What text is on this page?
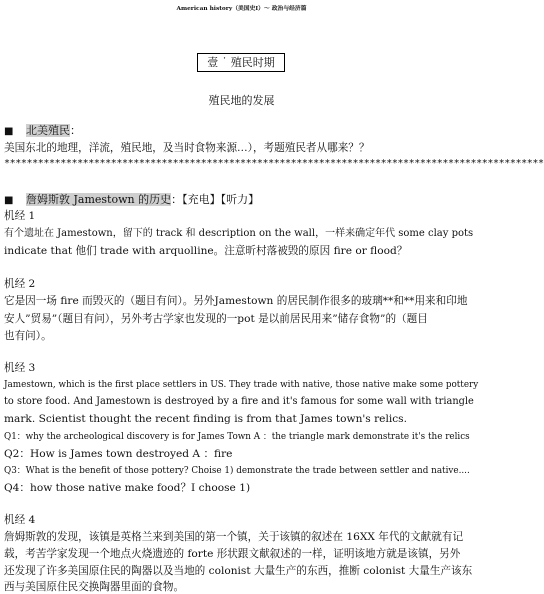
American history（美国史Ⅰ）～ 政治与经济篇
壹 ˙ 殖民时期
殖民地的发展
■ 北美殖民：
美国东北的地理，洋流，殖民地，及当时食物来源…），考题殖民者从哪来？？
************************************************************************************************
■ 詹姆斯敦 Jamestown 的历史：【充电】【听力】
机经 1
有个遗址在 Jamestown，留下的 track 和 description on the wall，一样来确定年代 some clay pots
indicate that 他们 trade with arquolline。注意昕村落被毁的原因 fire or flood？
机经 2
它是因一场 fire 而毁灭的（题目有问）。另外Jamestown 的居民制作很多的玻璃**和**用来和印地
安人”贸易”（题目有问），另外考古学家也发现的一pot 是以前居民用来”储存食物”的（题目
也有问）。
机经 3
Jamestown, which is the first place settlers in US. They trade with native, those native make some pottery
to store food. And Jamestown is destroyed by a fire and it's famous for some wall with triangle
mark. Scientist thought the recent finding is from that James town's relics.
Q1：why the archeological discovery is for James Town A ：the triangle mark demonstrate it's the relics
Q2：How is James town destroyed A ：fire
Q3：What is the benefit of those pottery? Choise 1) demonstrate the trade between settler and native....
Q4：how those native make food？I choose 1)
机经 4
詹姆斯敦的发现，该镇是英格兰来到美国的第一个镇，关于该镇的叙述在 16XX 年代的文献就有记
载，考苦学家发现一个地点火烧遗迹的 forte 形状跟文献叙述的一样，证明该地方就是该镇，另外
还发现了许多美国原住民的陶器以及当地的 colonist 大量生产的东西，推断 colonist 大量生产该东
西与美国原住民交换陶器里面的食物。
